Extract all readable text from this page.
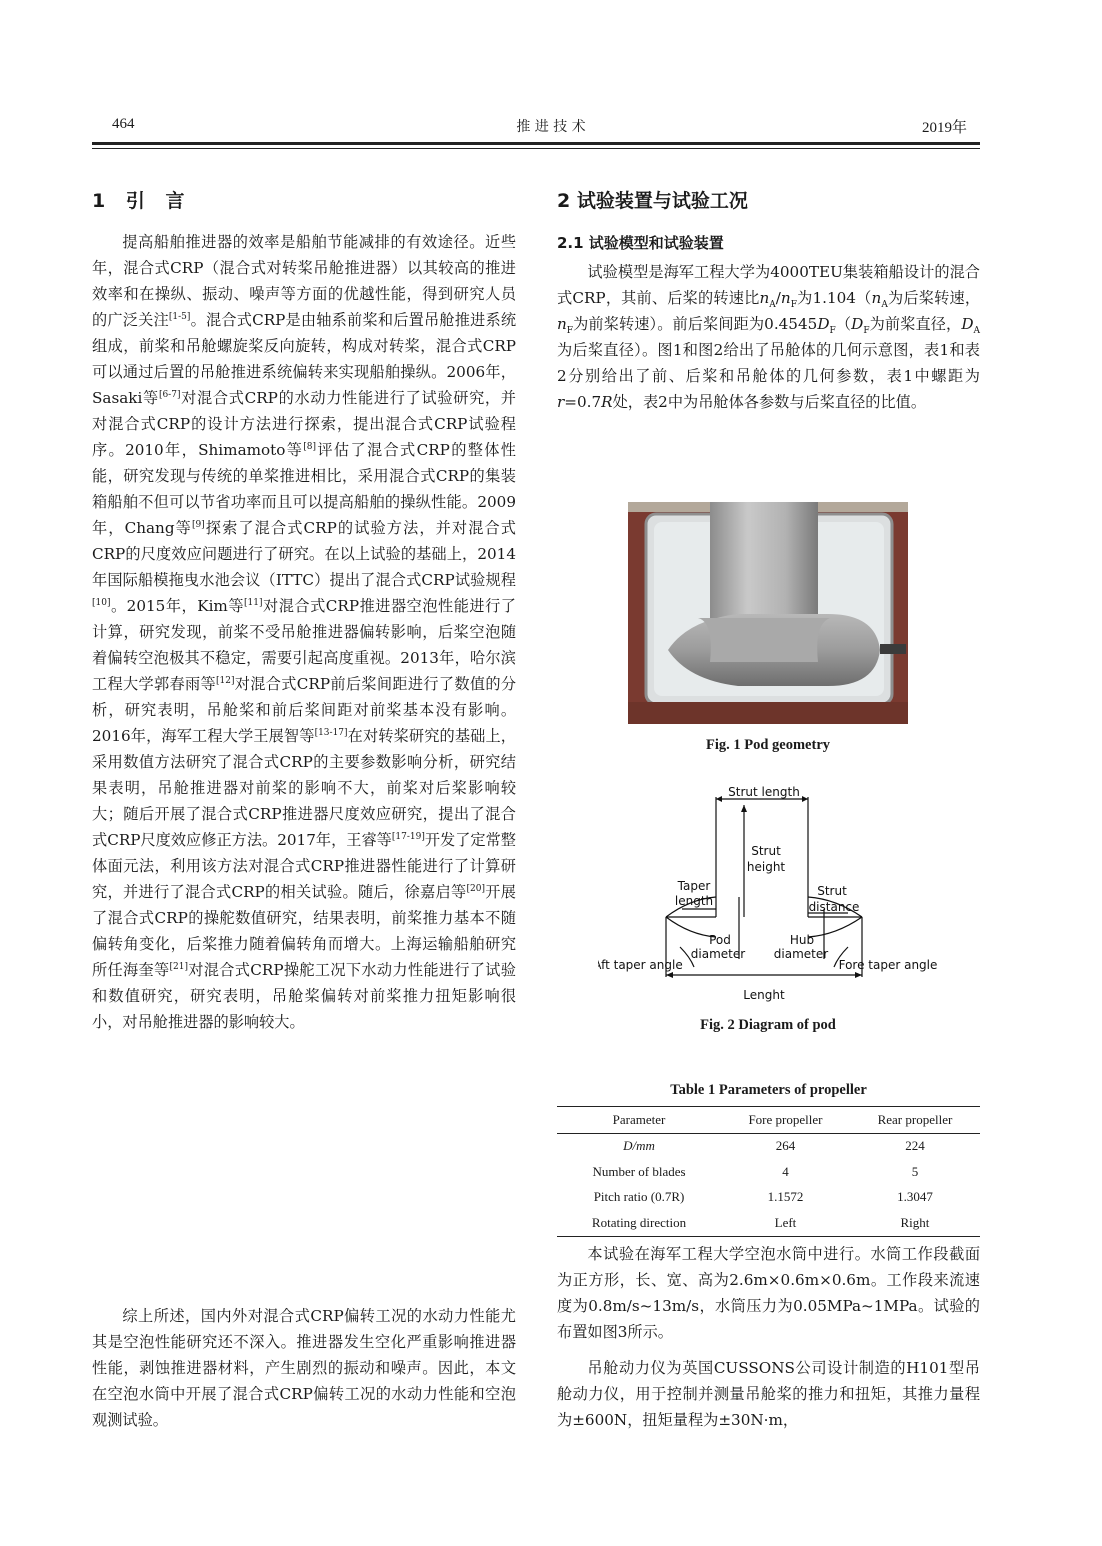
464	推 进 技 术	2019年
1 引 言

提高船舶推进器的效率是船舶节能减排的有效途径。近些年，混合式CRP（混合式对转桨吊舱推进器）以其较高的推进效率和在操纵、振动、噪声等方面的优越性能，得到研究人员的广泛关注[1-5]。混合式CRP是由轴系前桨和后置吊舱推进系统组成，前桨和吊舱螺旋桨反向旋转，构成对转桨，混合式CRP可以通过后置的吊舱推进系统偏转来实现船舶操纵。2006年，Sasaki等[6-7]对混合式CRP的水动力性能进行了试验研究，并对混合式CRP的设计方法进行探索，提出混合式CRP试验程序。2010年，Shimamoto等[8]评估了混合式CRP的整体性能，研究发现与传统的单桨推进相比，采用混合式CRP的集装箱船舶不但可以节省功率而且可以提高船舶的操纵性能。2009年，Chang等[9]探索了混合式CRP的试验方法，并对混合式CRP的尺度效应问题进行了研究。在以上试验的基础上，2014年国际船模拖曳水池会议（ITTC）提出了混合式CRP试验规程[10]。2015年，Kim等[11]对混合式CRP推进器空泡性能进行了计算，研究发现，前桨不受吊舱推进器偏转影响，后桨空泡随着偏转空泡极其不稳定，需要引起高度重视。2013年，哈尔滨工程大学郭春雨等[12]对混合式CRP前后桨间距进行了数值的分析，研究表明，吊舱桨和前后桨间距对前桨基本没有影响。2016年，海军工程大学王展智等[13-17]在对转桨研究的基础上，采用数值方法研究了混合式CRP的主要参数影响分析，研究结果表明，吊舱推进器对前桨的影响不大，前桨对后桨影响较大；随后开展了混合式CRP推进器尺度效应研究，提出了混合式CRP尺度效应修正方法。2017年，王睿等[17-19]开发了定常整体面元法，利用该方法对混合式CRP推进器性能进行了计算研究，并进行了混合式CRP的相关试验。随后，徐嘉启等[20]开展了混合式CRP的操舵数值研究，结果表明，前桨推力基本不随偏转角变化，后桨推力随着偏转角而增大。上海运输船舶研究所任海奎等[21]对混合式CRP操舵工况下水动力性能进行了试验和数值研究，研究表明，吊舱桨偏转对前桨推力扭矩影响很小，对吊舱推进器的影响较大。

综上所述，国内外对混合式CRP偏转工况的水动力性能尤其是空泡性能研究还不深入。推进器发生空化严重影响推进器性能，剥蚀推进器材料，产生剧烈的振动和噪声。因此，本文在空泡水筒中开展了混合式CRP偏转工况的水动力性能和空泡观测试验。

2 试验装置与试验工况
2.1 试验模型和试验装置

试验模型是海军工程大学为4000TEU集装箱船设计的混合式CRP，其前、后桨的转速比$n_A/n_F$为$1.104(n_A$为后桨转速，$n_F$为前桨转速）。前后桨间距为$0.4545D_F(D_F$为前桨直径，$D_A$为后桨直径）。图1和图2给出了吊舱体的几何示意图，表1和表2分别给出了前、后桨和吊舱体的几何参数，表1中螺距为r=0.7R处，表2中为吊舱体各参数与后桨直径的比值。

Fig. 1 Pod geometry
Strut length
Strut
height
Taper
length
Strut
distance
Pod
diameter
Hub
diameter
Aft taper angle	Fore taper angle
Lenght
Fig. 2 Diagram of pod
Table 1 Parameters of propeller
Parameter	Fore propeller	Rear propeller
D/mm	264	224
Number of blades	4	5
Pitch ratio (0.7R)	1.1572	1.3047
Rotating direction	Left	Right

本试验在海军工程大学空泡水筒中进行。水筒工作段截面为正方形，长、宽、高为2.6m×0.6m×0.6m。工作段来流速度为0.8m/s~13m/s，水筒压力为0.05MPa~1MPa。试验的布置如图3所示。

吊舱动力仪为英国CUSSONS公司设计制造的H101型吊舱动力仪，用于控制并测量吊舱桨的推力和扭矩，其推力量程为±600N，扭矩量程为±30N·m，
